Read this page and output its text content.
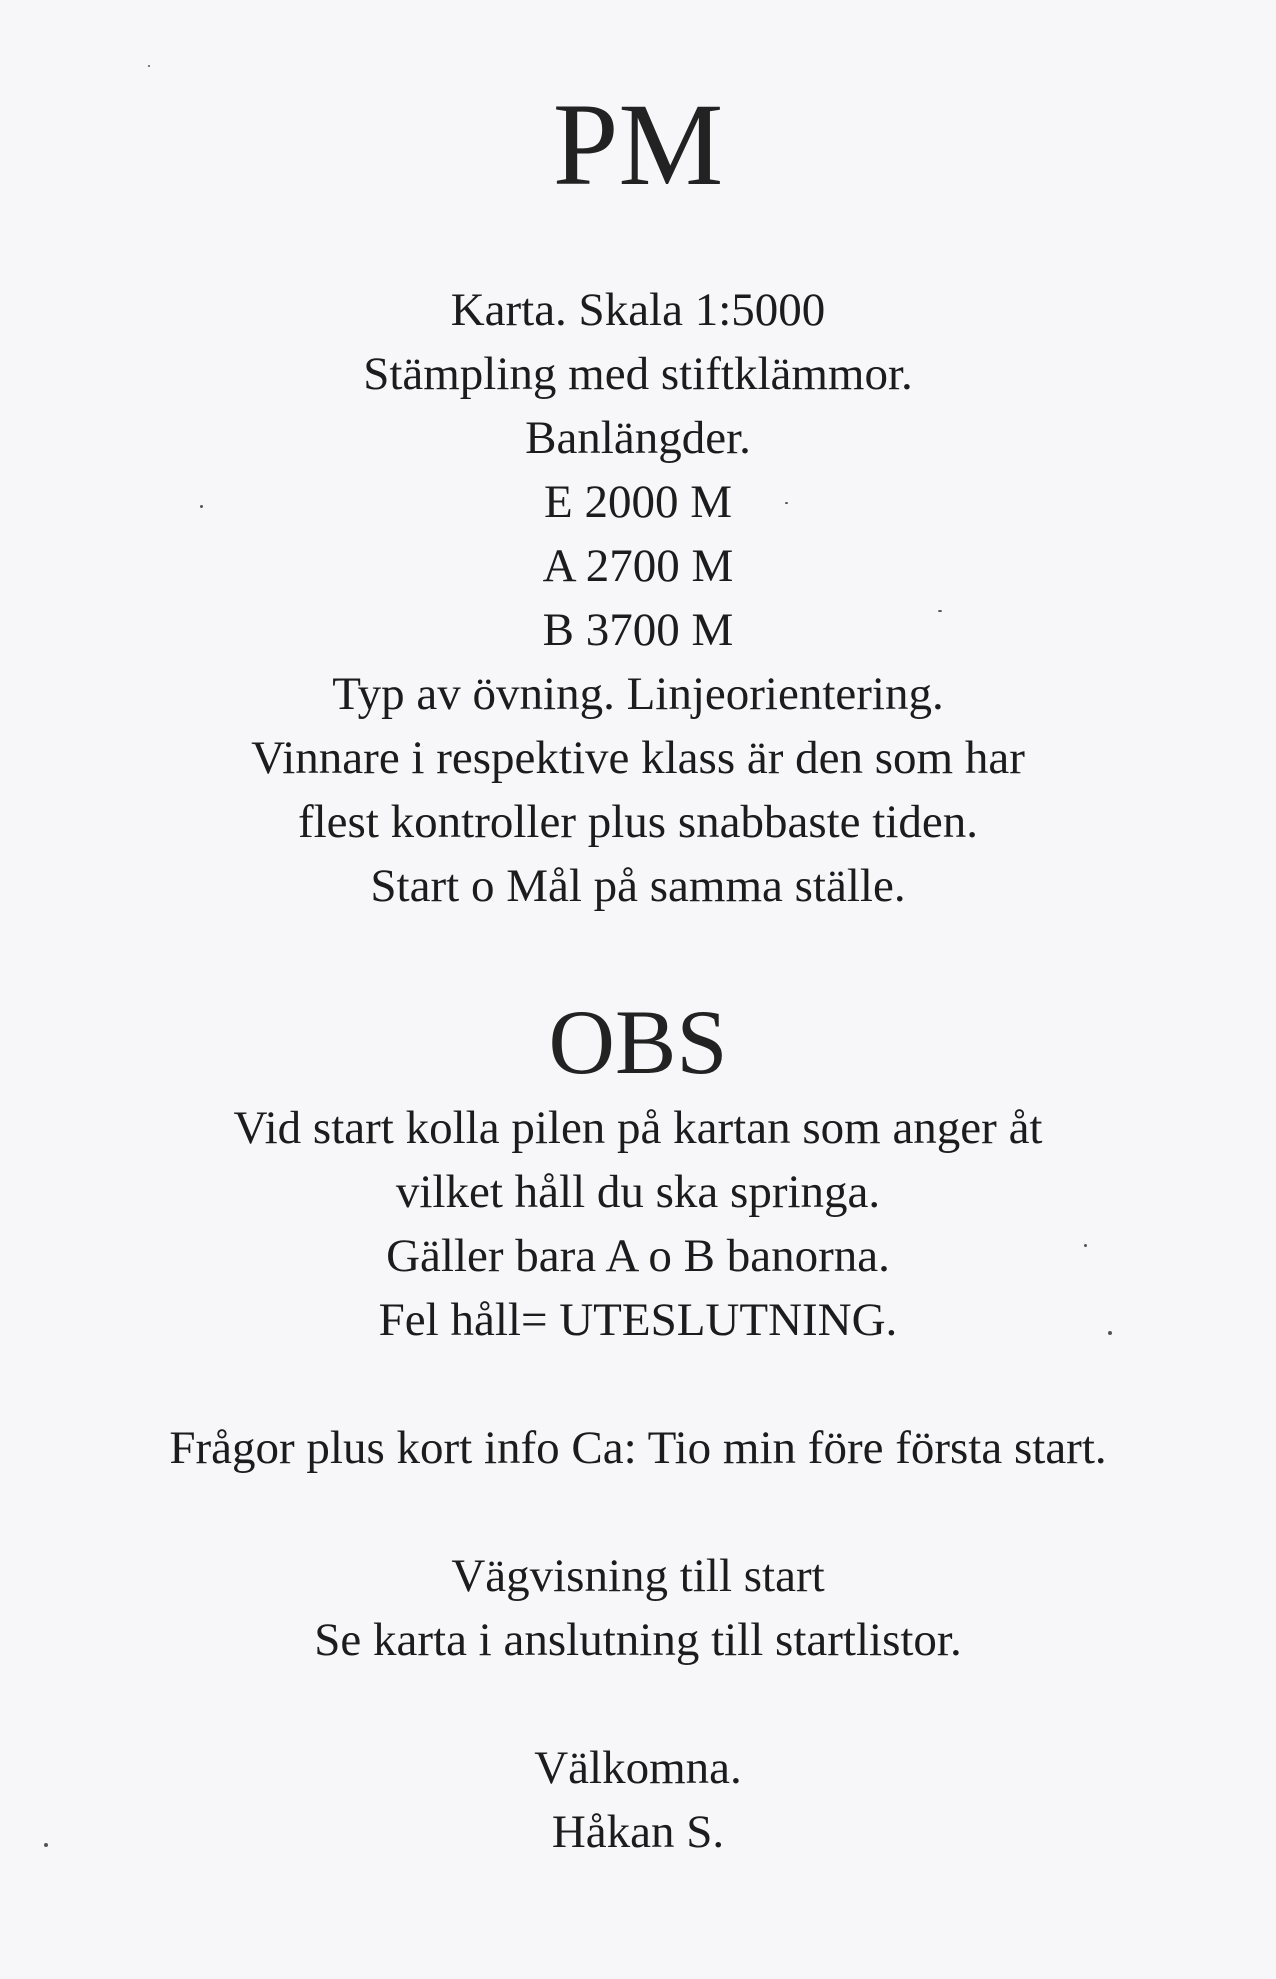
PM
Karta. Skala 1:5000
Stämpling med stiftklämmor.
Banlängder.
E 2000 M
A 2700 M
B 3700 M
Typ av övning. Linjeorientering.
Vinnare i respektive klass är den som har
flest kontroller plus snabbaste tiden.
Start o Mål på samma ställe.
OBS
Vid start kolla pilen på kartan som anger åt
vilket håll du ska springa.
Gäller bara A o B banorna.
Fel håll= UTESLUTNING.
Frågor plus kort info Ca: Tio min före första start.
Vägvisning till start
Se karta i anslutning till startlistor.
Välkomna.
Håkan S.
